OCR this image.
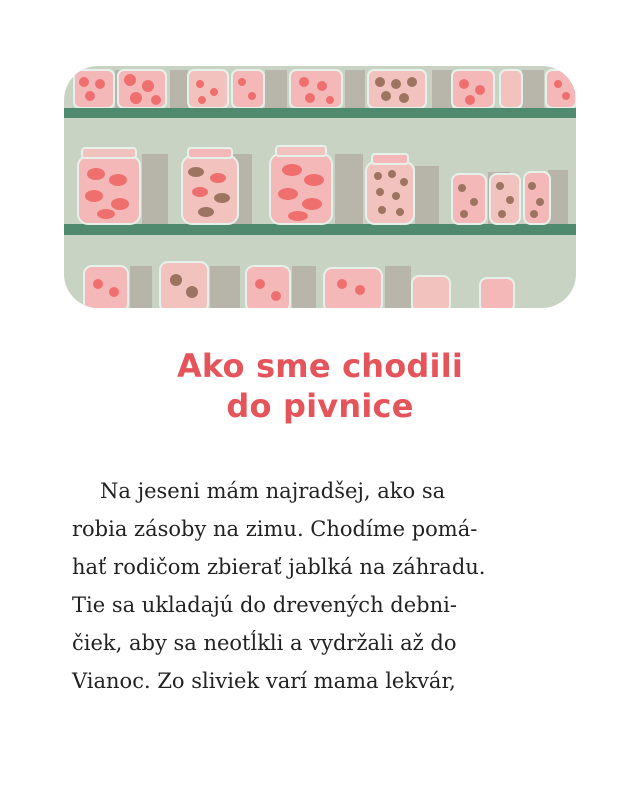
Ako sme chodili
do pivnice
Na jeseni mám najradšej, ako sa
robia zásoby na zimu. Chodíme pomá-
hať rodičom zbierať jablká na záhradu.
Tie sa ukladajú do drevených debni-
čiek, aby sa neotĺkli a vydržali až do
Vianoc. Zo sliviek varí mama lekvár,
